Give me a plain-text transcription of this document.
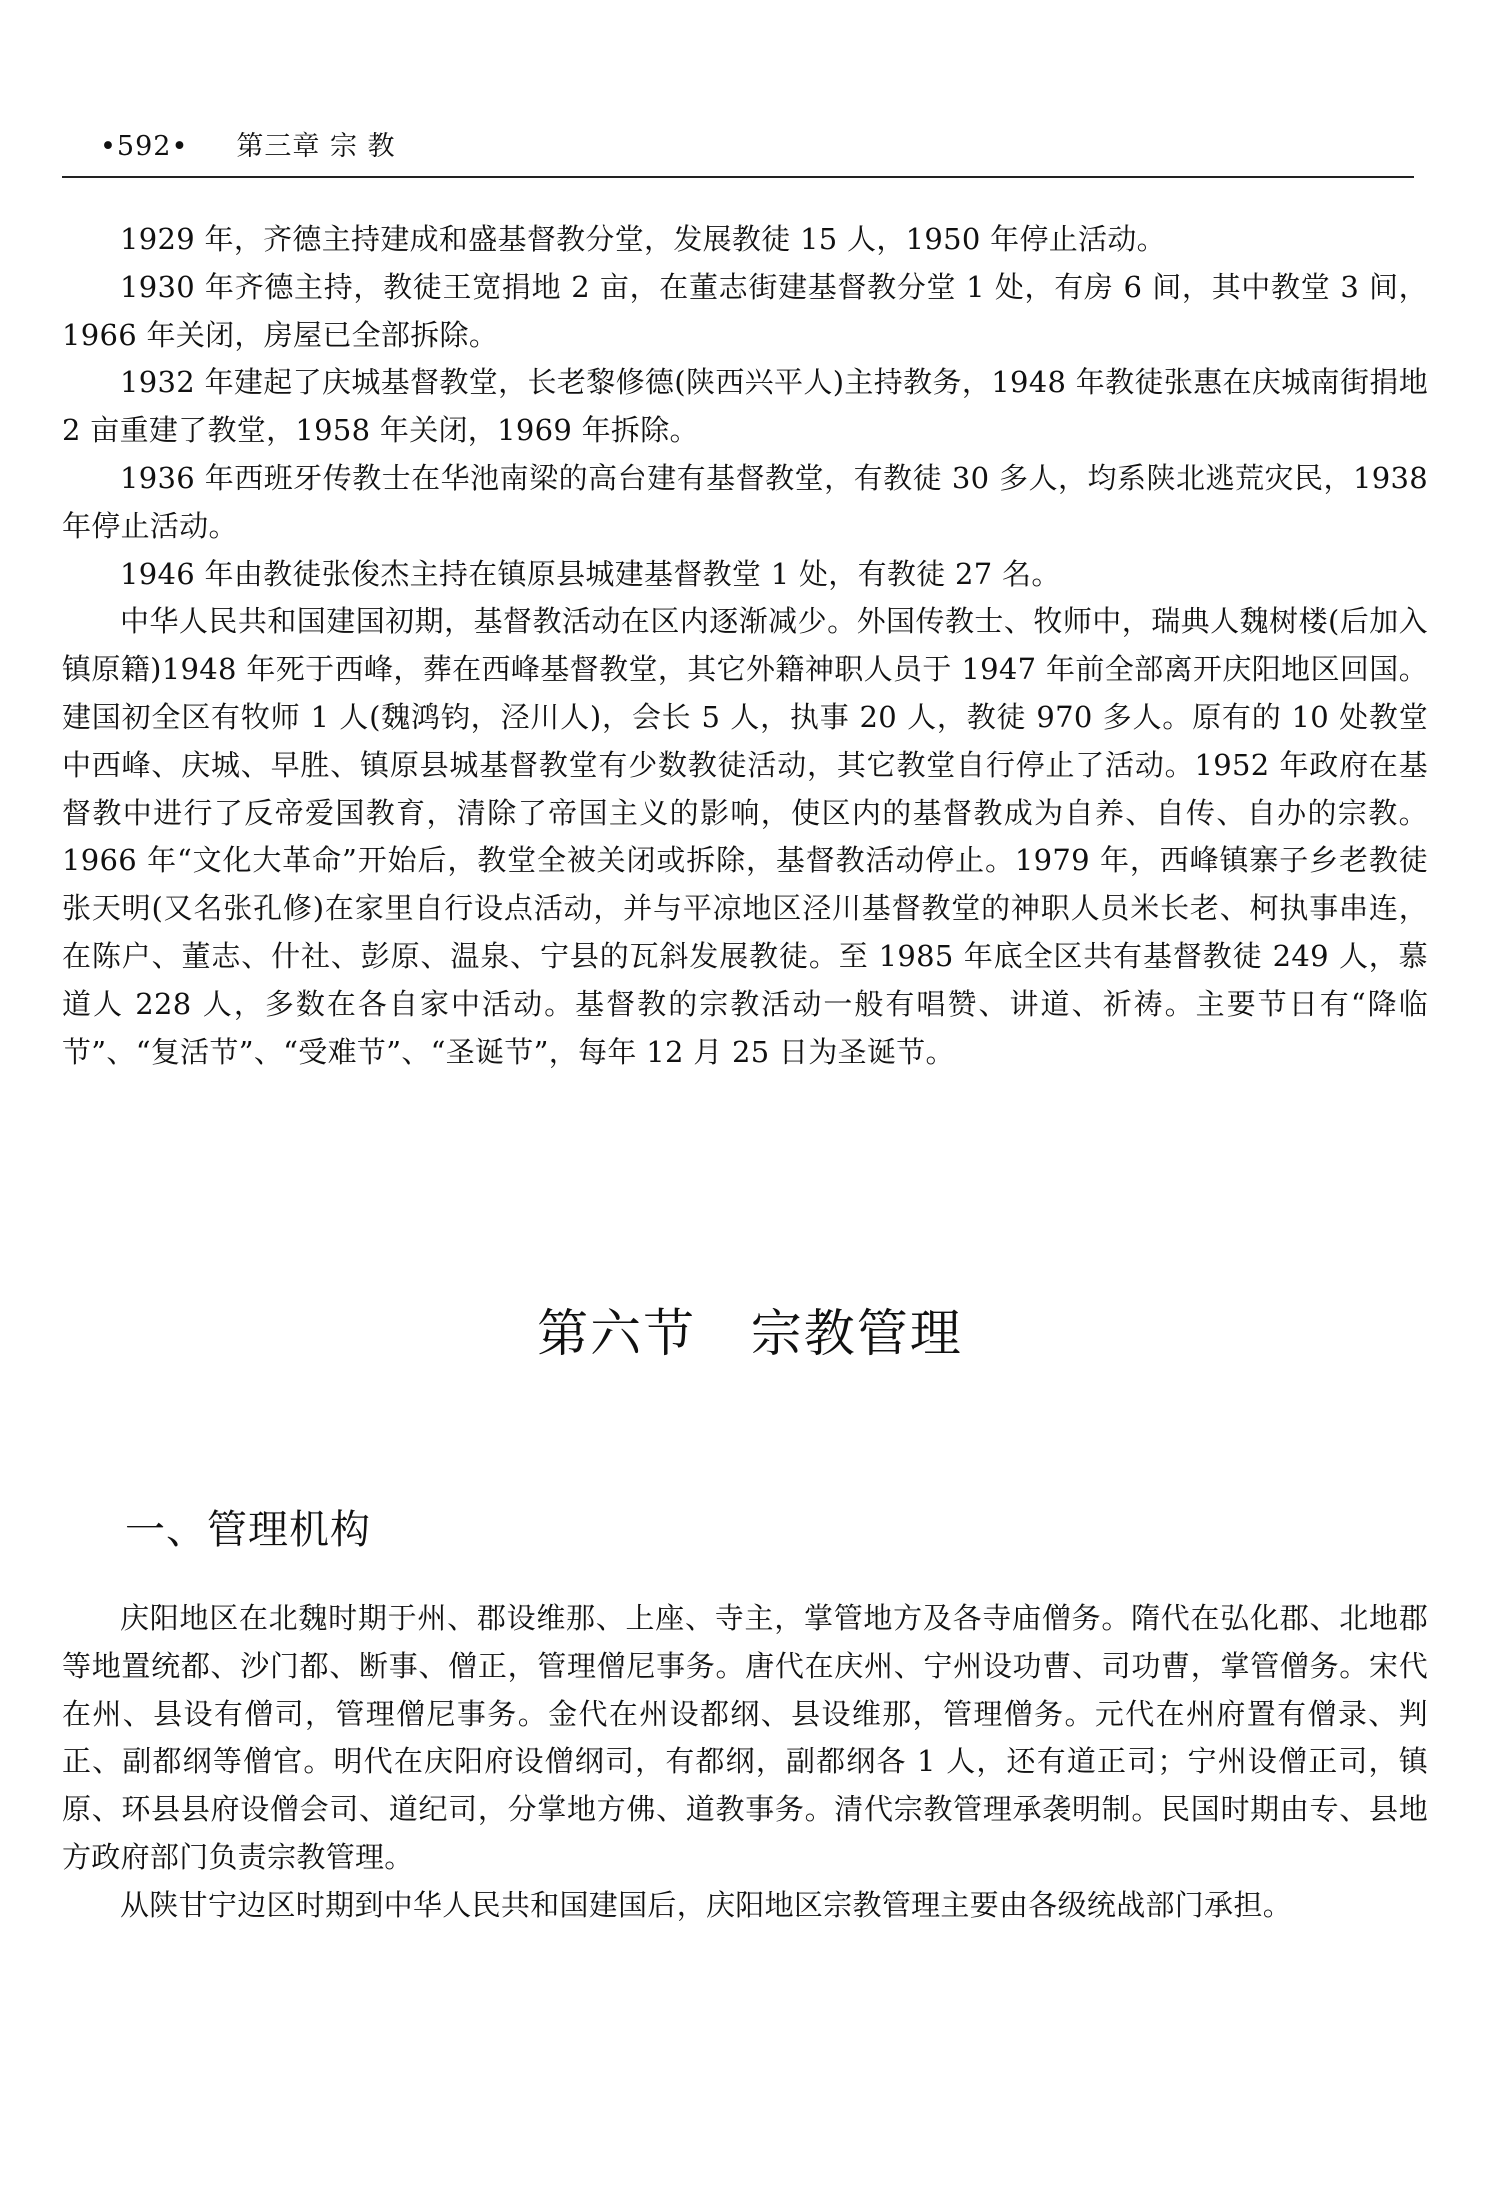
•592• 第三章 宗 教

1929 年，齐德主持建成和盛基督教分堂，发展教徒 15 人，1950 年停止活动。

1930 年齐德主持，教徒王宽捐地 2 亩，在董志街建基督教分堂 1 处，有房 6 间，其中教堂 3 间，1966 年关闭，房屋已全部拆除。

1932 年建起了庆城基督教堂，长老黎修德(陕西兴平人)主持教务，1948 年教徒张惠在庆城南街捐地 2 亩重建了教堂，1958 年关闭，1969 年拆除。

1936 年西班牙传教士在华池南梁的高台建有基督教堂，有教徒 30 多人，均系陕北逃荒灾民，1938 年停止活动。

1946 年由教徒张俊杰主持在镇原县城建基督教堂 1 处，有教徒 27 名。

中华人民共和国建国初期，基督教活动在区内逐渐减少。外国传教士、牧师中，瑞典人魏树楼(后加入镇原籍)1948 年死于西峰，葬在西峰基督教堂，其它外籍神职人员于 1947 年前全部离开庆阳地区回国。建国初全区有牧师 1 人(魏鸿钧，泾川人)，会长 5 人，执事 20 人，教徒 970 多人。原有的 10 处教堂中西峰、庆城、早胜、镇原县城基督教堂有少数教徒活动，其它教堂自行停止了活动。1952 年政府在基督教中进行了反帝爱国教育，清除了帝国主义的影响，使区内的基督教成为自养、自传、自办的宗教。1966 年“文化大革命”开始后，教堂全被关闭或拆除，基督教活动停止。1979 年，西峰镇寨子乡老教徒张天明(又名张孔修)在家里自行设点活动，并与平凉地区泾川基督教堂的神职人员米长老、柯执事串连，在陈户、董志、什社、彭原、温泉、宁县的瓦斜发展教徒。至 1985 年底全区共有基督教徒 249 人，慕道人 228 人，多数在各自家中活动。基督教的宗教活动一般有唱赞、讲道、祈祷。主要节日有“降临节”、“复活节”、“受难节”、“圣诞节”，每年 12 月 25 日为圣诞节。

第六节   宗教管理
一、管理机构

庆阳地区在北魏时期于州、郡设维那、上座、寺主，掌管地方及各寺庙僧务。隋代在弘化郡、北地郡等地置统都、沙门都、断事、僧正，管理僧尼事务。唐代在庆州、宁州设功曹、司功曹，掌管僧务。宋代在州、县设有僧司，管理僧尼事务。金代在州设都纲、县设维那，管理僧务。元代在州府置有僧录、判正、副都纲等僧官。明代在庆阳府设僧纲司，有都纲，副都纲各 1 人，还有道正司；宁州设僧正司，镇原、环县县府设僧会司、道纪司，分掌地方佛、道教事务。清代宗教管理承袭明制。民国时期由专、县地方政府部门负责宗教管理。

从陕甘宁边区时期到中华人民共和国建国后，庆阳地区宗教管理主要由各级统战部门承担。
